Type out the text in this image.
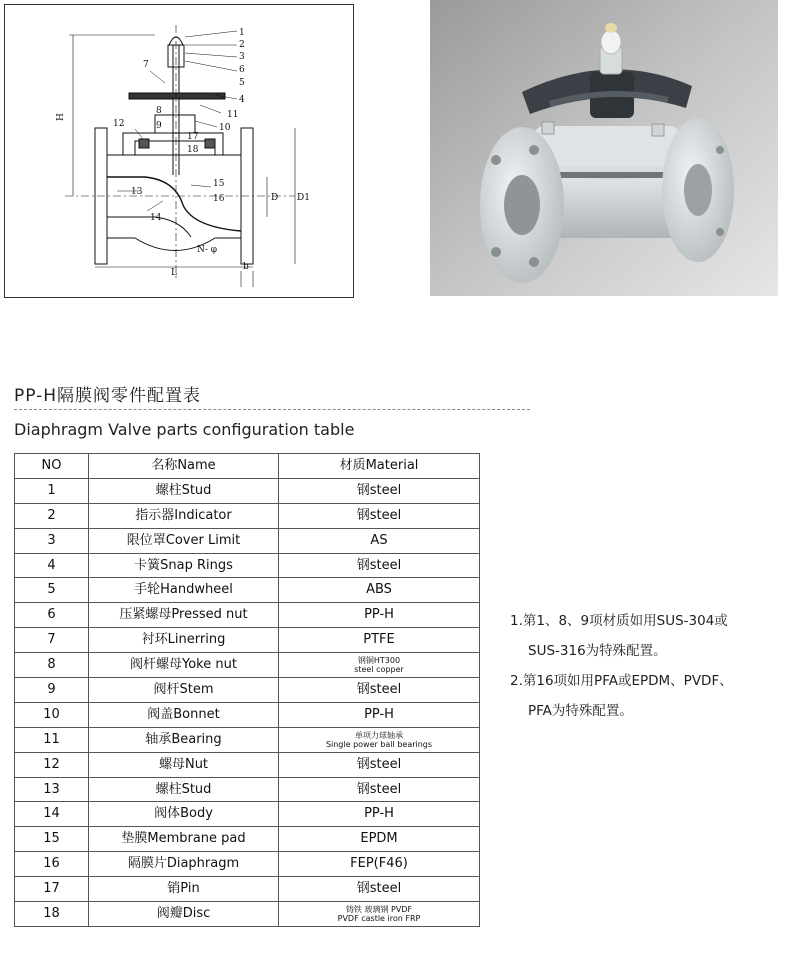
1
2
3
6
4
5
7
8
9
11
10
12
17
18
15
16
13
14
H
L
D D1
b
N- φ
PP-H隔膜阀零件配置表
Diaphragm Valve parts configuration table
NO	名称Name	材质Material
1	螺柱Stud	钢steel
2	指示器Indicator	钢steel
3	限位罩Cover Limit	AS
4	卡簧Snap Rings	钢steel
5	手轮Handwheel	ABS
6	压紧螺母Pressed nut	PP-H
7	衬环Linerring	PTFE
8	阀杆螺母Yoke nut	钢铜HT300
steel copper

9	阀杆Stem	钢steel
10	阀盖Bonnet	PP-H
11	轴承Bearing	单项力球轴承
Single power ball bearings

12	螺母Nut	钢steel
13	螺柱Stud	钢steel
14	阀体Body	PP-H
15	垫膜Membrane pad	EPDM
16	隔膜片Diaphragm	FEP(F46)
17	销Pin	钢steel
18	阀瓣Disc	铸铁 玻璃钢 PVDF
PVDF castle iron FRP

1.第1、8、9项材质如用SUS-304或

SUS-316为特殊配置。

2.第16项如用PFA或EPDM、PVDF、

PFA为特殊配置。
